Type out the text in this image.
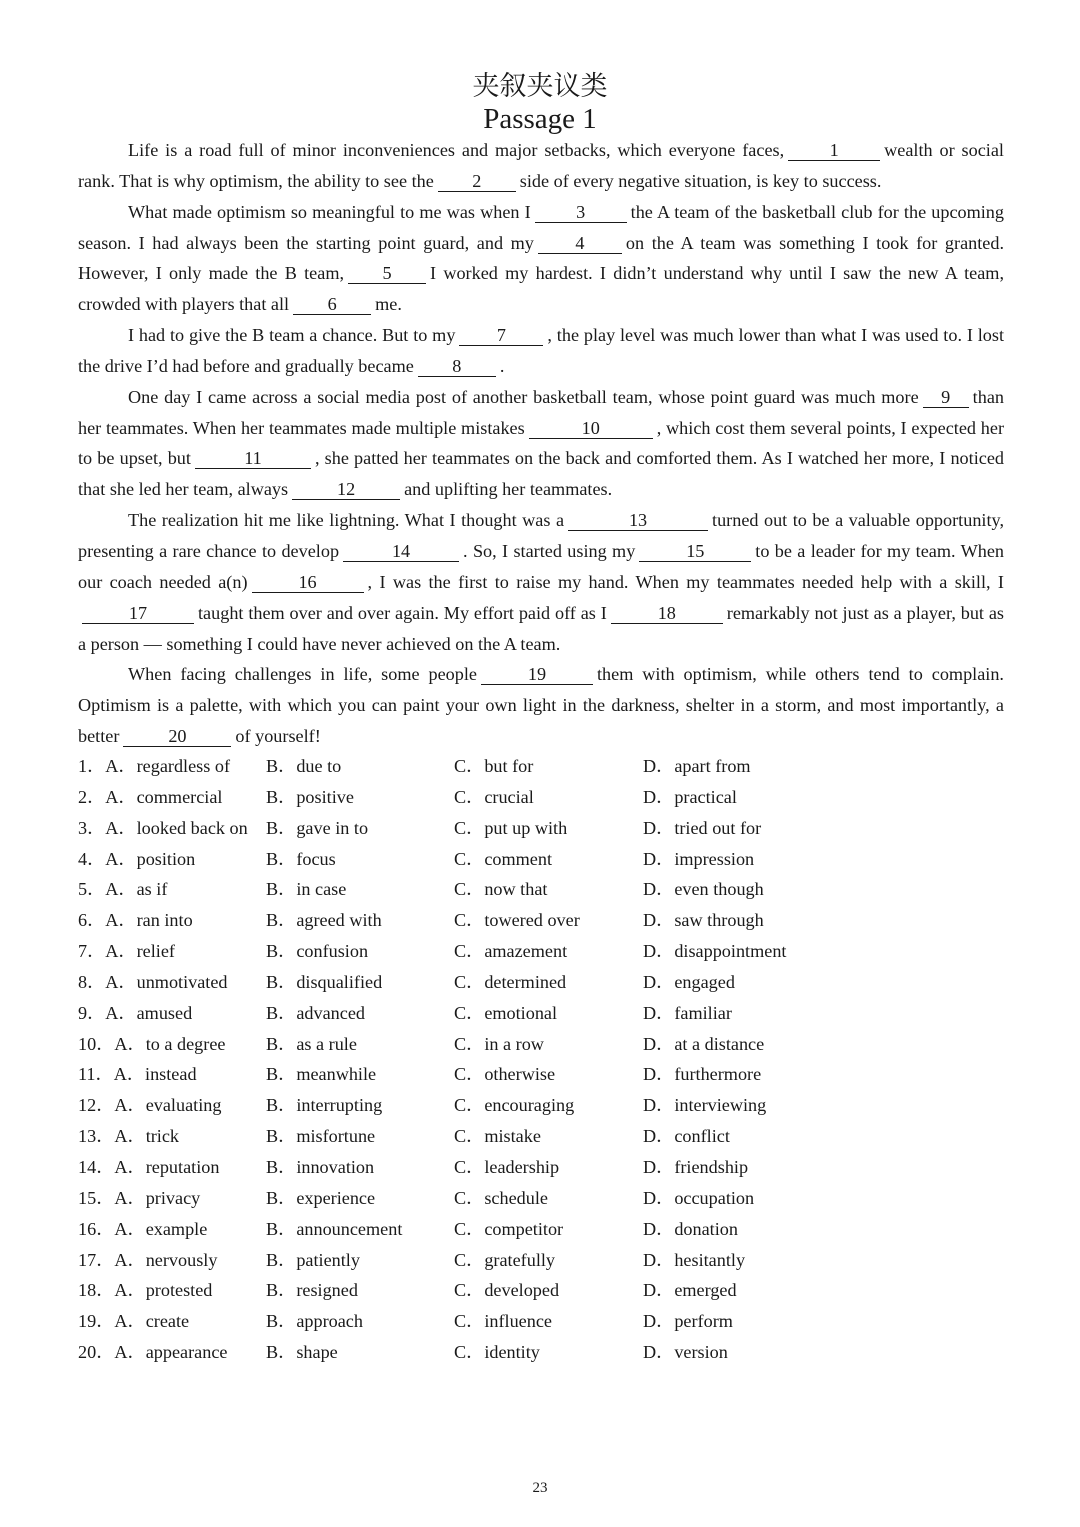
夹叙夹议类
Passage 1

Life is a road full of minor inconveniences and major setbacks, which everyone faces, 1 wealth or social rank. That is why optimism, the ability to see the 2 side of every negative situation, is key to success.

What made optimism so meaningful to me was when I 3 the A team of the basketball club for the upcoming season. I had always been the starting point guard, and my 4 on the A team was something I took for granted. However, I only made the B team, 5 I worked my hardest. I didn’t understand why until I saw the new A team, crowded with players that all 6 me.

I had to give the B team a chance. But to my 7 , the play level was much lower than what I was used to. I lost the drive I’d had before and gradually became 8 .

One day I came across a social media post of another basketball team, whose point guard was much more 9 than her teammates. When her teammates made multiple mistakes	10	, which cost them several points, I expected her to be upset, but	11	, she patted her teammates on the back and comforted them. As I watched her more, I noticed that she led her team, always	12	and uplifting her teammates.

The realization hit me like lightning. What I thought was a	13	turned out to be a valuable opportunity, presenting a rare chance to develop	14	. So, I started using my	15	to be a leader for my team. When our coach needed a(n)	16	, I was the first to raise my hand. When my teammates needed help with a skill, I17	taught them over and over again. My effort paid off as I	18	remarkably not just as a player, but as a person — something I could have never achieved on the A team.

When facing challenges in life, some people	19	them with optimism, while others tend to complain. Optimism is a palette, with which you can paint your own light in the darkness, shelter in a storm, and most importantly, a better	20	of yourself!

1．A．regardless of B．due to	C．but for	D．apart from
2．A．commercial B．positive	C．crucial	D．practical
3．A．looked back on B．gave in to	C．put up with	D．tried out for
4．A．position	B．focus	C．comment	D．impression
5．A．as if	B．in case	C．now that	D．even though
6．A．ran into	B．agreed with	C．towered over	D．saw through
7．A．relief	B．confusion	C．amazement	D．disappointment
8．A．unmotivated B．disqualified	C．determined	D．engaged
9．A．amused	B．advanced	C．emotional	D．familiar
10．A．to a degree B．as a rule	C．in a row	D．at a distance
11．A．instead	B．meanwhile	C．otherwise	D．furthermore
12．A．evaluating B．interrupting	C．encouraging	D．interviewing
13．A．trick	B．misfortune	C．mistake	D．conflict
14．A．reputation	B．innovation	C．leadership	D．friendship
15．A．privacy	B．experience	C．schedule	D．occupation
16．A．example	B．announcement	C．competitor	D．donation
17．A．nervously	B．patiently	C．gratefully	D．hesitantly
18．A．protested	B．resigned	C．developed	D．emerged
19．A．create	B．approach	C．influence	D．perform
20．A．appearance B．shape	C．identity	D．version
23
